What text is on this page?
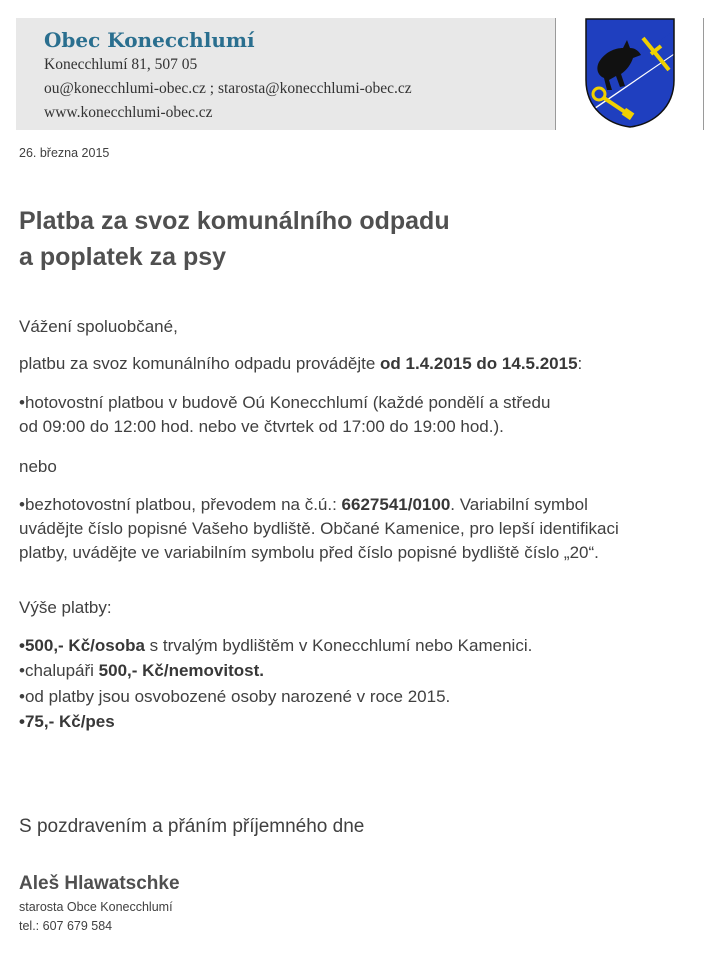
Obec Konecchlumí
Konecchlumí 81, 507 05
ou@konecchlumi-obec.cz ; starosta@konecchlumi-obec.cz
www.konecchlumi-obec.cz
26. března 2015
Platba za svoz komunálního odpadu
a poplatek za psy
Vážení spoluobčané,
platbu za svoz komunálního odpadu provádějte od 1.4.2015 do 14.5.2015:
•hotovostní platbou v budově Oú Konecchlumí (každé pondělí a středu
od 09:00 do 12:00 hod. nebo ve čtvrtek od 17:00 do 19:00 hod.).
nebo
•bezhotovostní platbou, převodem na č.ú.: 6627541/0100. Variabilní symbol
uvádějte číslo popisné Vašeho bydliště. Občané Kamenice, pro lepší identifikaci
platby, uvádějte ve variabilním symbolu před číslo popisné bydliště číslo „20“.
Výše platby:
•500,- Kč/osoba s trvalým bydlištěm v Konecchlumí nebo Kamenici.
•chalupáři 500,- Kč/nemovitost.
•od platby jsou osvobozené osoby narozené v roce 2015.
•75,- Kč/pes
S pozdravením a přáním příjemného dne
Aleš Hlawatschke
starosta Obce Konecchlumí
tel.: 607 679 584
